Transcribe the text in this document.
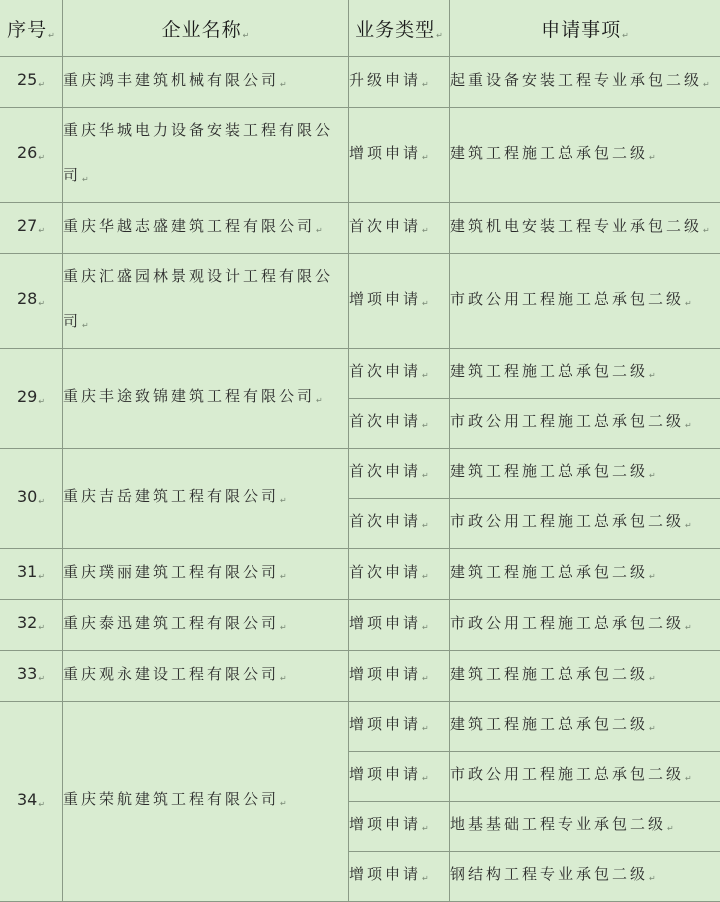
序号↵	企业名称↵	业务类型↵	申请事项↵
25↵	重庆鸿丰建筑机械有限公司↵	升级申请↵	起重设备安装工程专业承包二级↵
26↵	重庆华城电力设备安装工程有限公司↵	增项申请↵	建筑工程施工总承包二级↵
27↵	重庆华越志盛建筑工程有限公司↵	首次申请↵	建筑机电安装工程专业承包二级↵
28↵	重庆汇盛园林景观设计工程有限公司↵	增项申请↵	市政公用工程施工总承包二级↵
29↵	重庆丰途致锦建筑工程有限公司↵	首次申请↵	建筑工程施工总承包二级↵
		首次申请↵	市政公用工程施工总承包二级↵
30↵	重庆吉岳建筑工程有限公司↵	首次申请↵	建筑工程施工总承包二级↵
		首次申请↵	市政公用工程施工总承包二级↵
31↵	重庆璞丽建筑工程有限公司↵	首次申请↵	建筑工程施工总承包二级↵
32↵	重庆泰迅建筑工程有限公司↵	增项申请↵	市政公用工程施工总承包二级↵
33↵	重庆观永建设工程有限公司↵	增项申请↵	建筑工程施工总承包二级↵
34↵	重庆荣航建筑工程有限公司↵	增项申请↵	建筑工程施工总承包二级↵
		增项申请↵	市政公用工程施工总承包二级↵
		增项申请↵	地基基础工程专业承包二级↵
		增项申请↵	钢结构工程专业承包二级↵
